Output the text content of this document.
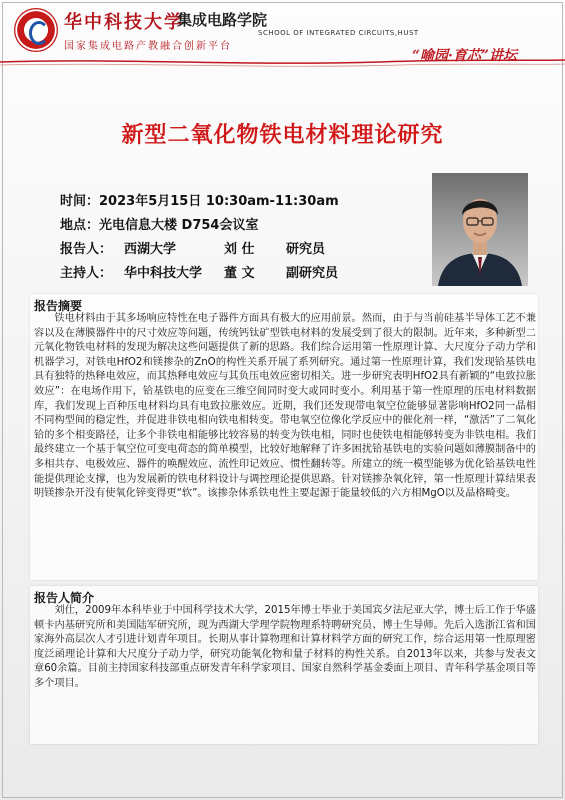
华中科技大学
集成电路学院
SCHOOL OF INTEGRATED CIRCUITS,HUST
国家集成电路产教融合创新平台
“喻园·育芯”讲坛
新型二氧化物铁电材料理论研究
时间：2023年5月15日 10:30am-11:30am
地点：光电信息大楼 D754会议室
报告人： 西湖大学	刘 仕 研究员
主持人： 华中科技大学 董 文 副研究员
报告摘要

铁电材料由于其多场响应特性在电子器件方面具有极大的应用前景。然而，由于与当前硅基半导体工艺不兼容以及在薄膜器件中的尺寸效应等问题，传统钙钛矿型铁电材料的发展受到了很大的限制。近年来，多种新型二元氧化物铁电材料的发现为解决这些问题提供了新的思路。我们综合运用第一性原理计算、大尺度分子动力学和机器学习，对铁电HfO2和镁掺杂的ZnO的构性关系开展了系列研究。通过第一性原理计算，我们发现铪基铁电具有独特的热释电效应，而其热释电效应与其负压电效应密切相关。进一步研究表明HfO2具有新颖的“电致拉胀效应”：在电场作用下，铪基铁电的应变在三维空间同时变大或同时变小。利用基于第一性原理的压电材料数据库，我们发现上百种压电材料均具有电致拉胀效应。近期，我们还发现带电氧空位能够显著影响HfO2同一晶相不同构型间的稳定性，并促进非铁电相向铁电相转变。带电氧空位像化学反应中的催化剂一样，“激活”了二氧化铪的多个相变路径，让多个非铁电相能够比较容易的转变为铁电相，同时也使铁电相能够转变为非铁电相。我们最终建立一个基于氧空位可变电荷态的简单模型，比较好地解释了许多困扰铪基铁电的实验问题如薄膜制备中的多相共存、电极效应、器件的唤醒效应、流性印记效应、惯性翻转等。所建立的统一模型能够为优化铪基铁电性能提供理论支撑，也为发展新的铁电材料设计与调控理论提供思路。针对镁掺杂氧化锌，第一性原理计算结果表明镁掺杂开没有使氧化锌变得更“软”。该掺杂体系铁电性主要起源于能量较低的六方相MgO以及晶格畸变。

报告人简介

刘仕，2009年本科毕业于中国科学技术大学，2015年博士毕业于美国宾夕法尼亚大学，博士后工作于华盛顿卡内基研究所和美国陆军研究所，现为西湖大学理学院物理系特聘研究员、博士生导师。先后入选浙江省和国家海外高层次人才引进计划青年项目。长期从事计算物理和计算材料学方面的研究工作，综合运用第一性原理密度泛函理论计算和大尺度分子动力学，研究功能氧化物和量子材料的构性关系。自2013年以来，共参与发表文章60余篇。目前主持国家科技部重点研发青年科学家项目、国家自然科学基金委面上项目、青年科学基金项目等多个项目。
